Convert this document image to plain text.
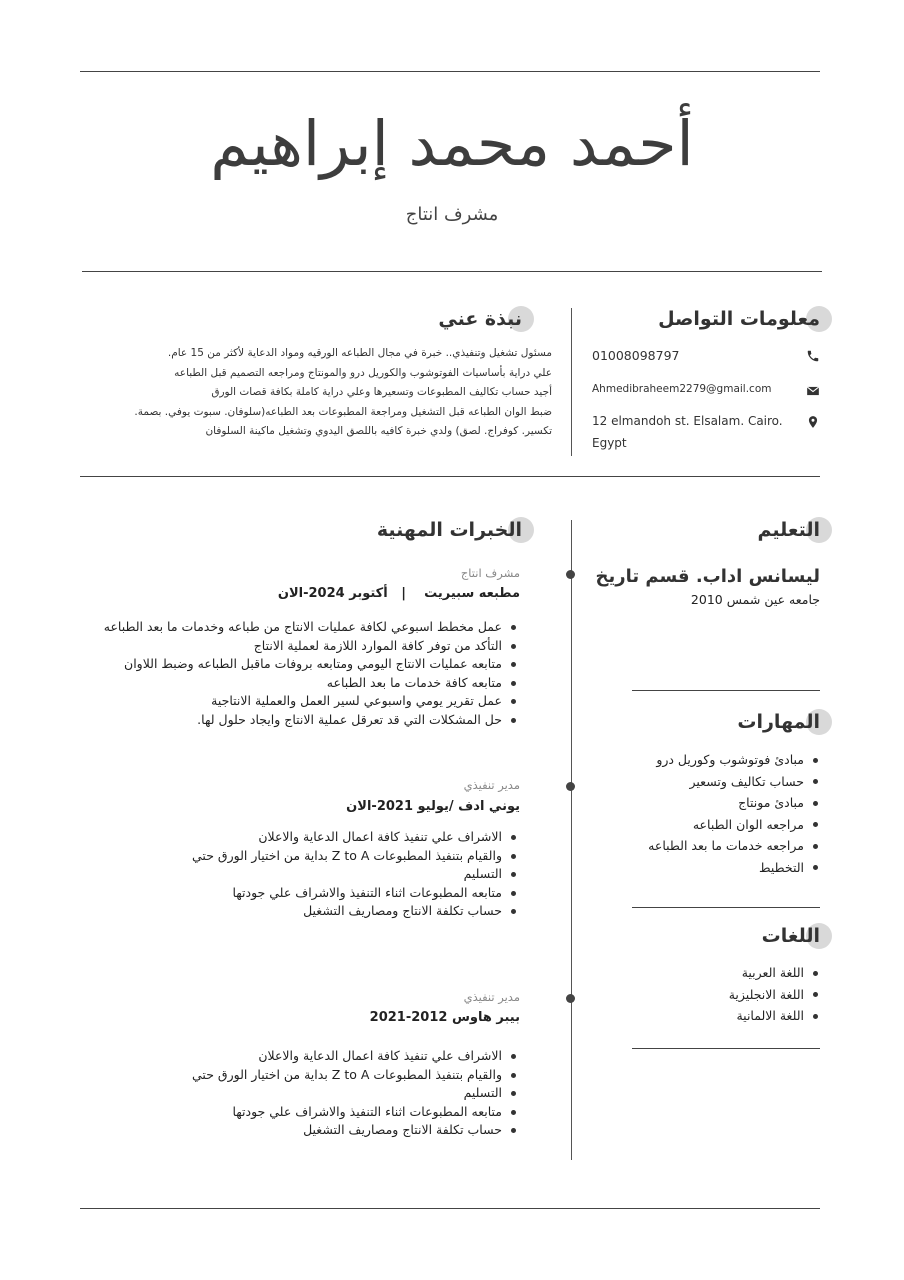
أحمد محمد إبراهيم
مشرف انتاج
معلومات التواصل
01008098797
Ahmedibraheem2279@gmail.com
12 elmandoh st. Elsalam. Cairo.
Egypt
نبذة عني

مسئول تشغيل وتنفيذي.. خبرة في مجال الطباعه الورقيه ومواد الدعاية لأكثر من 15 عام.

علي دراية بأساسيات الفوتوشوب والكوريل درو والمونتاج ومراجعه التصميم قبل الطباعه

أجيد حساب تكاليف المطبوعات وتسعيرها وعلي دراية كاملة بكافة قصات الورق

ضبط الوان الطباعه قبل التشغيل ومراجعة المطبوعات بعد الطباعه(سلوفان. سبوت يوفي. بصمة.

تكسير. كوفراج. لصق) ولدي خبرة كافيه باللصق اليدوي وتشغيل ماكينة السلوفان

الخبرات المهنية
مشرف انتاج
مطبعه سبيريت    |   أكتوبر 2024-الان
عمل مخطط اسبوعي لكافة عمليات الانتاج من طباعه وخدمات ما بعد الطباعه
التأكد من توفر كافة الموارد اللازمة لعملية الانتاج
متابعه عمليات الانتاج اليومي ومتابعه بروفات ماقبل الطباعه وضبط اللاوان
متابعه كافة خدمات ما بعد الطباعه
عمل تقرير يومي واسبوعي لسير العمل والعملية الانتاجية
حل المشكلات التي قد تعرقل عملية الانتاج وايجاد حلول لها.
مدير تنفيذي
يوني ادف /يوليو 2021-الان
الاشراف علي تنفيذ كافة اعمال الدعاية والاعلان
والقيام بتنفيذ المطبوعات Z to A بداية من اختيار الورق حتي
التسليم
متابعه المطبوعات اثناء التنفيذ والاشراف علي جودتها
حساب تكلفة الانتاج ومصاريف التشغيل
مدير تنفيذي
بيبر هاوس 2012-2021
الاشراف علي تنفيذ كافة اعمال الدعاية والاعلان
والقيام بتنفيذ المطبوعات Z to A بداية من اختيار الورق حتي
التسليم
متابعه المطبوعات اثناء التنفيذ والاشراف علي جودتها
حساب تكلفة الانتاج ومصاريف التشغيل
التعليم
ليسانس اداب. قسم تاريخ
جامعه عين شمس 2010
المهارات
مبادئ فوتوشوب وكوريل درو
حساب تكاليف وتسعير
مبادئ مونتاج
مراجعه الوان الطباعه
مراجعه خدمات ما بعد الطباعه
التخطيط
اللغات
اللغة العربية
اللغة الانجليزية
اللغة الالمانية
